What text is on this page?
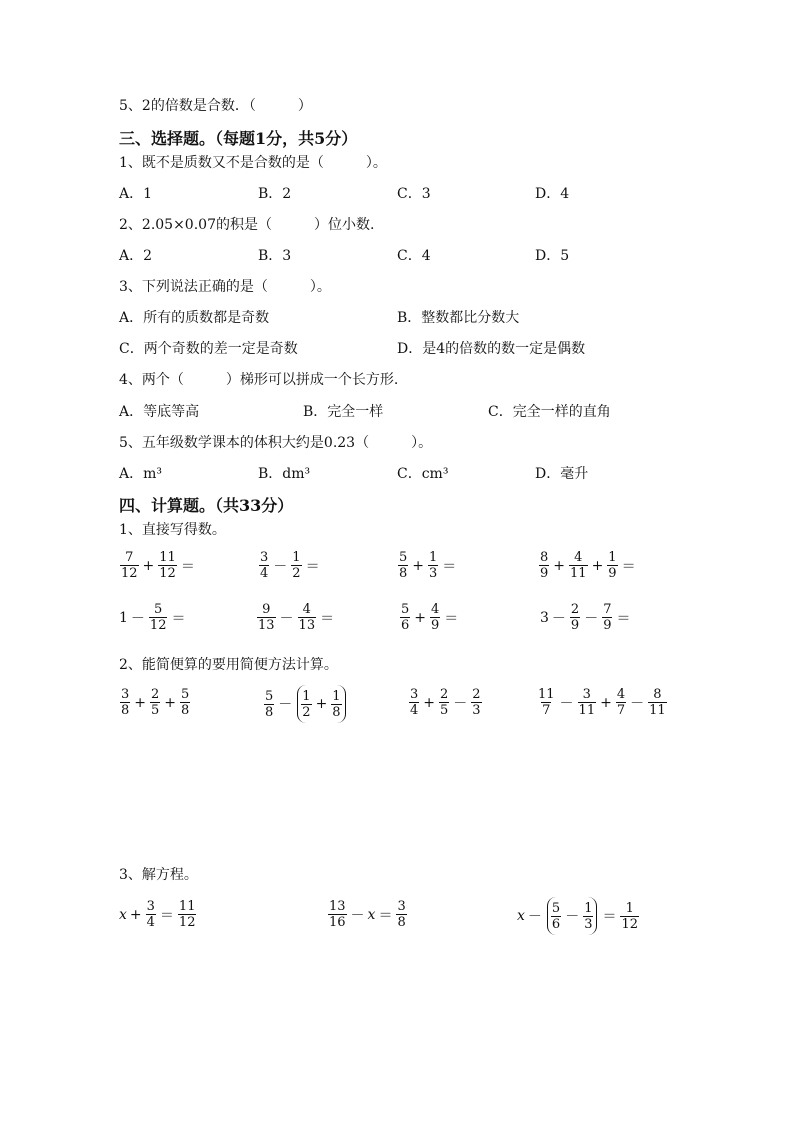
5、2的倍数是合数．（　　　）
三、选择题。（每题1分，共5分）
1、既不是质数又不是合数的是（　　　）。
A．1	B．2	C．3	D．4
2、2.05×0.07的积是（　　　）位小数.
A．2	B．3	C．4	D．5
3、下列说法正确的是（　　　）。
A．所有的质数都是奇数	B．整数都比分数大
C．两个奇数的差一定是奇数	D．是4的倍数的数一定是偶数
4、两个（　　　）梯形可以拼成一个长方形.
A．等底等高	B．完全一样	C．完全一样的直角
5、五年级数学课本的体积大约是0.23（　　　）。
A．m³	B．dm³	C．cm³	D．毫升
四、计算题。（共33分）
1、直接写得数。
$\frac{7}{12} + \frac{11}{12}$ ＝	$\frac{3}{4} - \frac{1}{2}$ ＝	$\frac{5}{8} + \frac{1}{3}$ ＝	$\frac{8}{9} + \frac{4}{11} + \frac{1}{9}$ ＝
$1 - \frac{5}{12}$ ＝	$\frac{9}{13} - \frac{4}{13}$ ＝	$\frac{5}{6} + \frac{4}{9}$ ＝	$3 - \frac{2}{9} - \frac{7}{9}$ ＝
2、能简便算的要用简便方法计算。
$\frac{3}{8} + \frac{2}{5} + \frac{5}{8}$	$\frac{5}{8} - \frac{1}{2} + \frac{1}{8}$	$\frac{3}{4} + \frac{2}{5} - \frac{2}{3}$	$\frac{11}{7} - \frac{3}{11} + \frac{4}{7} - \frac{8}{11}$
3、解方程。
$x + \frac{3}{4} = \frac{11}{12}$	$\frac{13}{16} - x = \frac{3}{8}$	$x - \frac{5}{6} - \frac{1}{3} = \frac{1}{12}$
